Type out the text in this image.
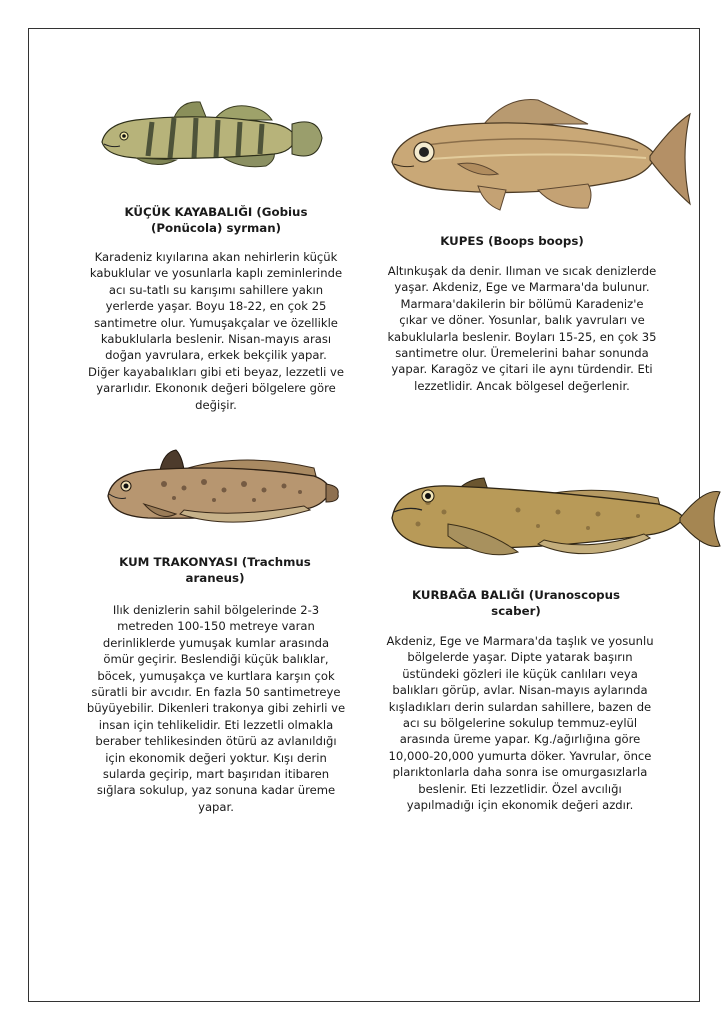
KÜÇÜK KAYABALIĞI (Gobius
(Ponücola) syrman)
Karadeniz kıyılarına akan nehirlerin küçük kabuklular ve yosunlarla kaplı zeminlerinde acı su-tatlı su karışımı sahillere yakın yerlerde yaşar. Boyu 18-22, en çok 25 santimetre olur. Yumuşakçalar ve özellikle kabuklularla beslenir. Nisan-mayıs arası doğan yavrulara, erkek bekçilik yapar. Diğer kayabalıkları gibi eti beyaz, lezzetli ve yararlıdır. Ekononık değeri bölgelere göre değişir.
KUPES (Boops boops)
Altınkuşak da denir. Ilıman ve sıcak denizlerde yaşar. Akdeniz, Ege ve Marmara'da bulunur. Marmara'dakilerin bir bölümü Karadeniz'e çıkar ve döner. Yosunlar, balık yavruları ve kabuklularla beslenir. Boyları 15-25, en çok 35 santimetre olur. Üremelerini bahar sonunda yapar. Karagöz ve çitari ile aynı türdendir. Eti lezzetlidir. Ancak bölgesel değerlenir.
KUM TRAKONYASI (Trachmus
araneus)
Ilık denizlerin sahil bölgelerinde 2-3 metreden 100-150 metreye varan derinliklerde yumuşak kumlar arasında ömür geçirir. Beslendiği küçük balıklar, böcek, yumuşakça ve kurtlara karşın çok süratli bir avcıdır. En fazla 50 santimetreye büyüyebilir. Dikenleri trakonya gibi zehirli ve insan için tehlikelidir. Eti lezzetli olmakla beraber tehlikesinden ötürü az avlanıldığı için ekonomik değeri yoktur. Kışı derin sularda geçirip, mart başırıdan itibaren sığlara sokulup, yaz sonuna kadar üreme yapar.
KURBAĞA BALIĞI (Uranoscopus
scaber)
Akdeniz, Ege ve Marmara'da taşlık ve yosunlu bölgelerde yaşar. Dipte yatarak başırın üstündeki gözleri ile küçük canlıları veya balıkları görüp, avlar. Nisan-mayıs aylarında kışladıkları derin sulardan sahillere, bazen de acı su bölgelerine sokulup temmuz-eylül arasında üreme yapar. Kg./ağırlığına göre 10,000-20,000 yumurta döker. Yavrular, önce plarıktonlarla daha sonra ise omurgasızlarla beslenir. Eti lezzetlidir. Özel avcılığı yapılmadığı için ekonomik değeri azdır.
